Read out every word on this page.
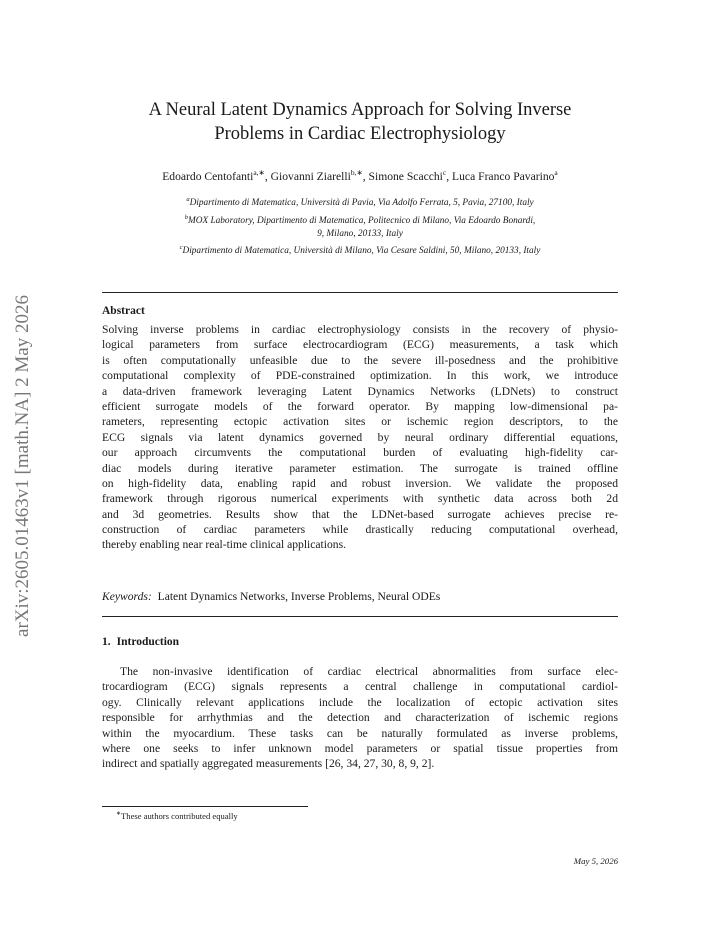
arXiv:2605.01463v1 [math.NA] 2 May 2026
A Neural Latent Dynamics Approach for Solving Inverse
Problems in Cardiac Electrophysiology
Edoardo Centofanti$^{a,∗}$, Giovanni Ziarelli$^{b,∗}$, Simone Scacchi$^c$, Luca Franco Pavarino$^a$
$^a$Dipartimento di Matematica, Università di Pavia, Via Adolfo Ferrata, 5, Pavia, 27100, Italy
$^b$MOX Laboratory, Dipartimento di Matematica, Politecnico di Milano, Via Edoardo Bonardi,
9, Milano, 20133, Italy
$^c$Dipartimento di Matematica, Università di Milano, Via Cesare Saldini, 50, Milano, 20133, Italy
Abstract
Solving inverse problems in cardiac electrophysiology consists in the recovery of physio-
logical parameters from surface electrocardiogram (ECG) measurements, a task which
is often computationally unfeasible due to the severe ill-posedness and the prohibitive
computational complexity of PDE-constrained optimization. In this work, we introduce
a data-driven framework leveraging Latent Dynamics Networks (LDNets) to construct
efficient surrogate models of the forward operator. By mapping low-dimensional pa-
rameters, representing ectopic activation sites or ischemic region descriptors, to the
ECG signals via latent dynamics governed by neural ordinary differential equations,
our approach circumvents the computational burden of evaluating high-fidelity car-
diac models during iterative parameter estimation. The surrogate is trained offline
on high-fidelity data, enabling rapid and robust inversion. We validate the proposed
framework through rigorous numerical experiments with synthetic data across both 2d
and 3d geometries. Results show that the LDNet-based surrogate achieves precise re-
construction of cardiac parameters while drastically reducing computational overhead,
thereby enabling near real-time clinical applications.
Keywords: Latent Dynamics Networks, Inverse Problems, Neural ODEs
1. Introduction
The non-invasive identification of cardiac electrical abnormalities from surface elec-
trocardiogram (ECG) signals represents a central challenge in computational cardiol-
ogy. Clinically relevant applications include the localization of ectopic activation sites
responsible for arrhythmias and the detection and characterization of ischemic regions
within the myocardium. These tasks can be naturally formulated as inverse problems,
where one seeks to infer unknown model parameters or spatial tissue properties from
indirect and spatially aggregated measurements [26, 34, 27, 30, 8, 9, 2].
∗These authors contributed equally
May 5, 2026
